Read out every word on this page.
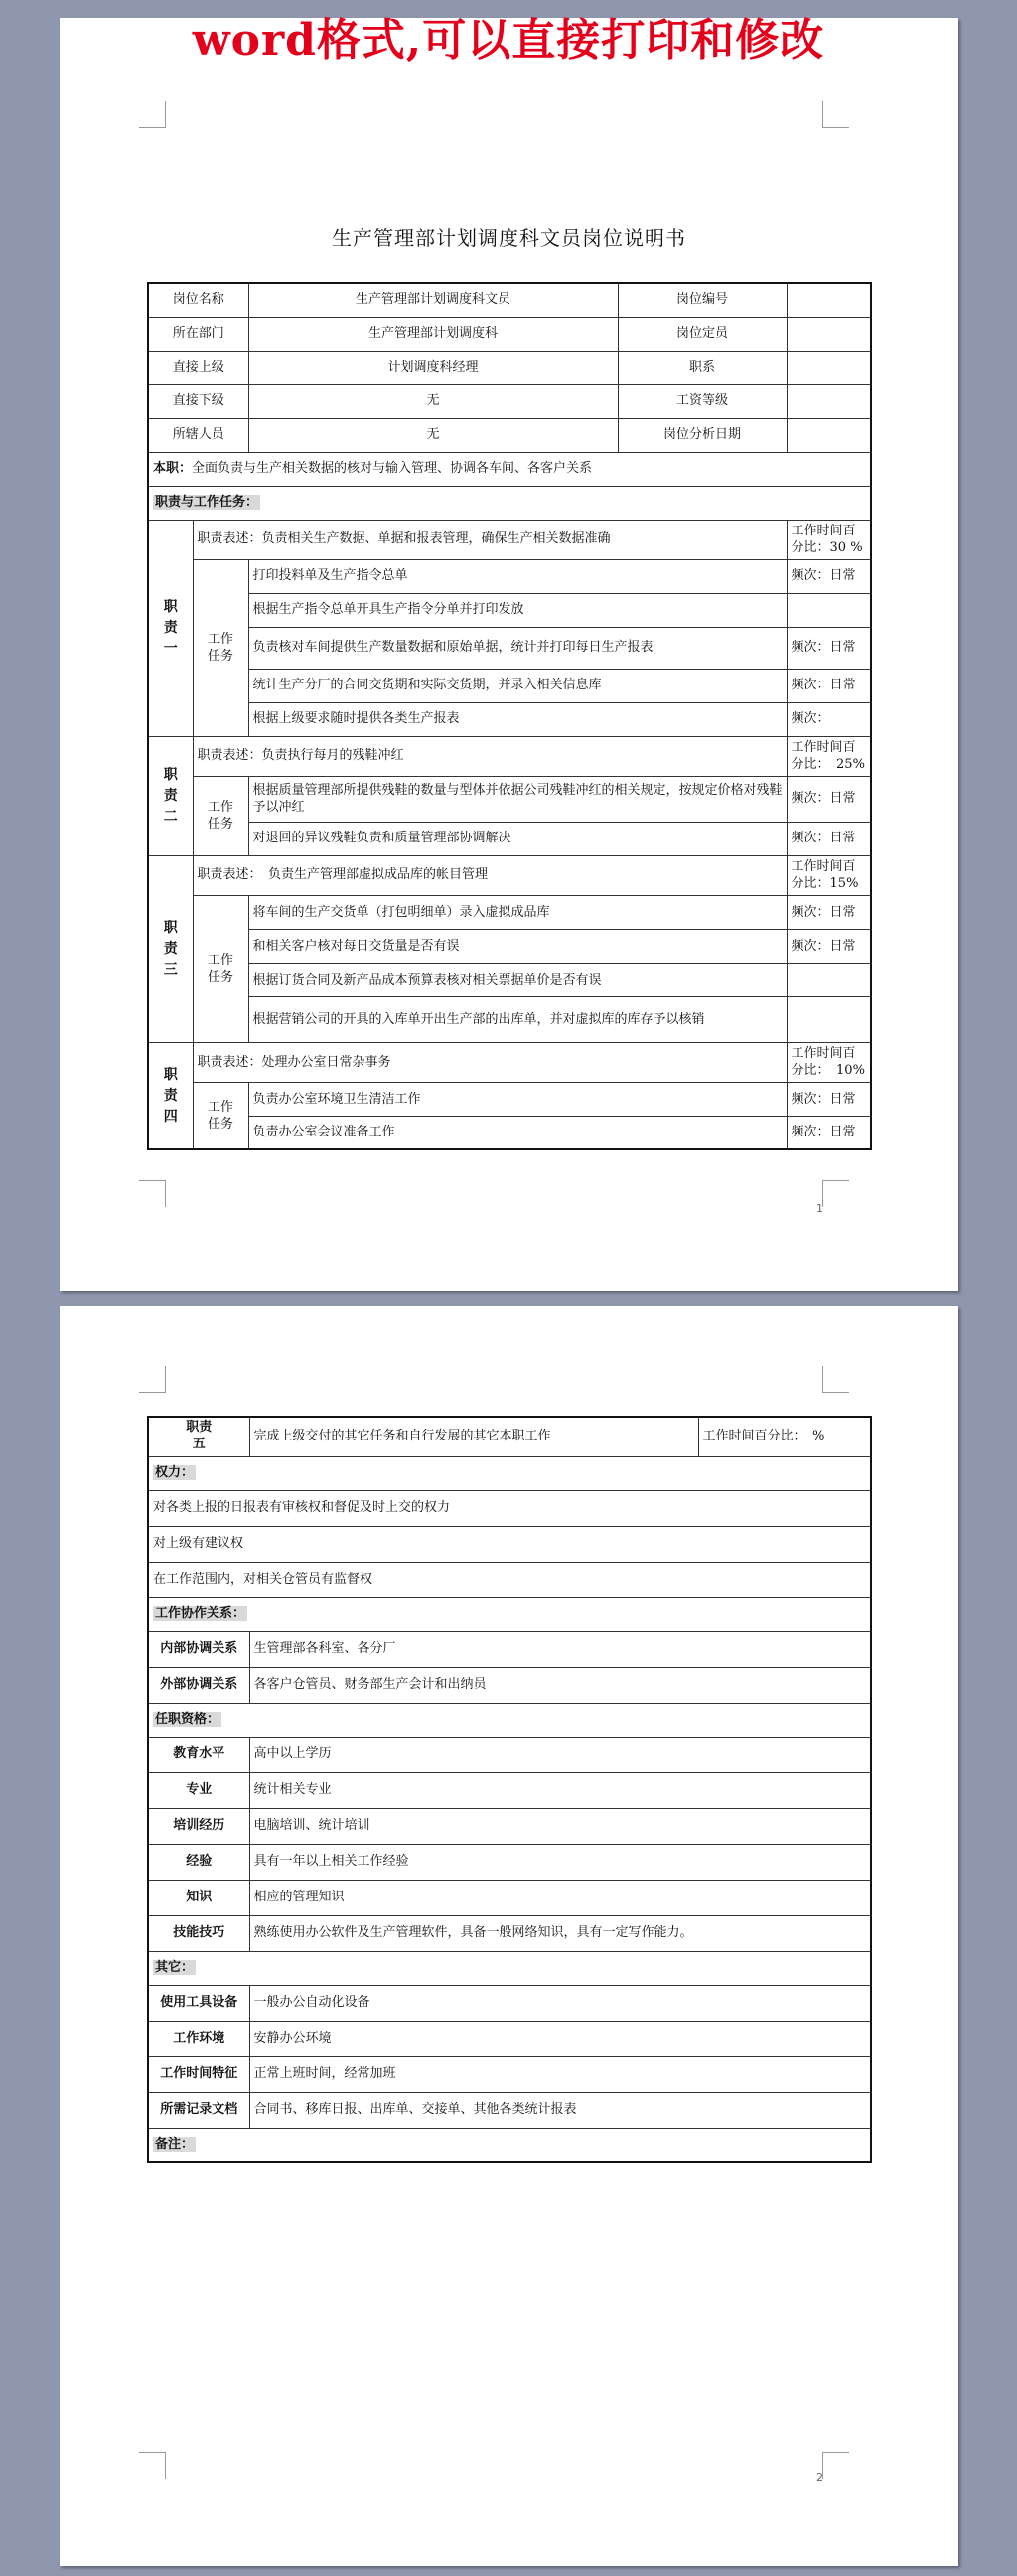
word格式,可以直接打印和修改
1
生产管理部计划调度科文员岗位说明书
岗位名称		生产管理部计划调度科文员	岗位编号	
所在部门		生产管理部计划调度科	岗位定员	
直接上级		计划调度科经理	职系	
直接下级		无	工资等级	
所辖人员		无	岗位分析日期	
本职：全面负责与生产相关数据的核对与输入管理、协调各车间、各客户关系				
职责与工作任务：				
职责一	职责表述：负责相关生产数据、单据和报表管理，确保生产相关数据准确			工作时间百分比：30 %
	工作任务	打印投料单及生产指令总单		频次：日常
		根据生产指令总单开具生产指令分单并打印发放		
		负责核对车间提供生产数量数据和原始单据，统计并打印每日生产报表		频次：日常
		统计生产分厂的合同交货期和实际交货期，并录入相关信息库		频次：日常
		根据上级要求随时提供各类生产报表		频次：
职责二	职责表述：负责执行每月的残鞋冲红			工作时间百分比：　25%
	工作任务	根据质量管理部所提供残鞋的数量与型体并依据公司残鞋冲红的相关规定，按规定价格对残鞋予以冲红		频次：日常
		对退回的异议残鞋负责和质量管理部协调解决		频次：日常
职责三	职责表述：　负责生产管理部虚拟成品库的帐目管理			工作时间百分比：15%
	工作任务	将车间的生产交货单（打包明细单）录入虚拟成品库		频次：日常
		和相关客户核对每日交货量是否有误		频次：日常
		根据订货合同及新产品成本预算表核对相关票据单价是否有误		
		根据营销公司的开具的入库单开出生产部的出库单，并对虚拟库的库存予以核销		
职责四	职责表述：处理办公室日常杂事务			工作时间百分比：　10%
	工作任务	负责办公室环境卫生清洁工作		频次：日常
		负责办公室会议准备工作		频次：日常
2
职责五	完成上级交付的其它任务和自行发展的其它本职工作	工作时间百分比：　%
权力：		
对各类上报的日报表有审核权和督促及时上交的权力		
对上级有建议权		
在工作范围内，对相关仓管员有监督权		
工作协作关系：		
内部协调关系	生管理部各科室、各分厂	
外部协调关系	各客户仓管员、财务部生产会计和出纳员	
任职资格：		
教育水平	高中以上学历	
专业	统计相关专业	
培训经历	电脑培训、统计培训	
经验	具有一年以上相关工作经验	
知识	相应的管理知识	
技能技巧	熟练使用办公软件及生产管理软件，具备一般网络知识，具有一定写作能力。	
其它：		
使用工具设备	一般办公自动化设备	
工作环境	安静办公环境	
工作时间特征	正常上班时间，经常加班	
所需记录文档	合同书、移库日报、出库单、交接单、其他各类统计报表	
备注：		
